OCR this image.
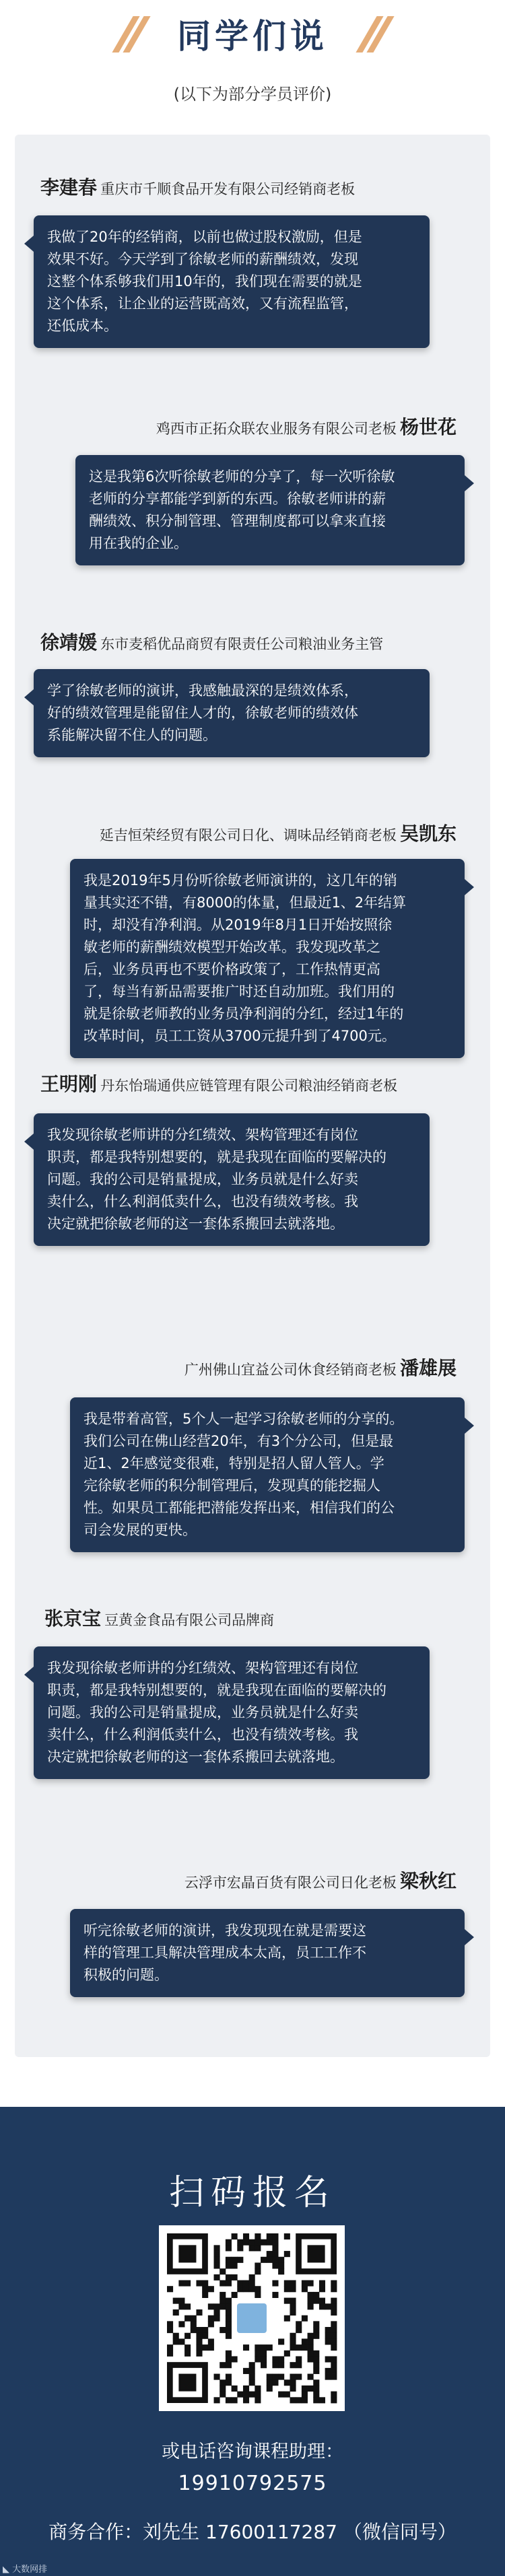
同学们说
(以下为部分学员评价)
李建春 重庆市千顺食品开发有限公司经销商老板
我做了20年的经销商，以前也做过股权激励，但是
效果不好。今天学到了徐敏老师的薪酬绩效，发现
这整个体系够我们用10年的，我们现在需要的就是
这个体系，让企业的运营既高效，又有流程监管，
还低成本。
鸡西市正拓众联农业服务有限公司老板 杨世花
这是我第6次听徐敏老师的分享了，每一次听徐敏
老师的分享都能学到新的东西。徐敏老师讲的薪
酬绩效、积分制管理、管理制度都可以拿来直接
用在我的企业。
徐靖媛 东市麦稻优品商贸有限责任公司粮油业务主管
学了徐敏老师的演讲，我感触最深的是绩效体系，
好的绩效管理是能留住人才的，徐敏老师的绩效体
系能解决留不住人的问题。
延吉恒荣经贸有限公司日化、调味品经销商老板 吴凯东
我是2019年5月份听徐敏老师演讲的，这几年的销
量其实还不错，有8000的体量，但最近1、2年结算
时，却没有净利润。从2019年8月1日开始按照徐
敏老师的薪酬绩效模型开始改革。我发现改革之
后，业务员再也不要价格政策了，工作热情更高
了，每当有新品需要推广时还自动加班。我们用的
就是徐敏老师教的业务员净利润的分红，经过1年的
改革时间，员工工资从3700元提升到了4700元。
王明刚 丹东怡瑞通供应链管理有限公司粮油经销商老板
我发现徐敏老师讲的分红绩效、架构管理还有岗位
职责，都是我特别想要的，就是我现在面临的要解决的
问题。我的公司是销量提成，业务员就是什么好卖
卖什么，什么利润低卖什么，也没有绩效考核。我
决定就把徐敏老师的这一套体系搬回去就落地。
广州佛山宜益公司休食经销商老板 潘雄展
我是带着高管，5个人一起学习徐敏老师的分享的。
我们公司在佛山经营20年，有3个分公司，但是最
近1、2年感觉变很难，特别是招人留人管人。学
完徐敏老师的积分制管理后，发现真的能挖掘人
性。如果员工都能把潜能发挥出来，相信我们的公
司会发展的更快。
张京宝 豆黄金食品有限公司品牌商
我发现徐敏老师讲的分红绩效、架构管理还有岗位
职责，都是我特别想要的，就是我现在面临的要解决的
问题。我的公司是销量提成，业务员就是什么好卖
卖什么，什么利润低卖什么，也没有绩效考核。我
决定就把徐敏老师的这一套体系搬回去就落地。
云浮市宏晶百货有限公司日化老板 梁秋红
听完徐敏老师的演讲，我发现现在就是需要这
样的管理工具解决管理成本太高，员工工作不
积极的问题。
扫码报名
或电话咨询课程助理：
19910792575
商务合作：刘先生 17600117287 （微信同号）
◣ 大数网排
